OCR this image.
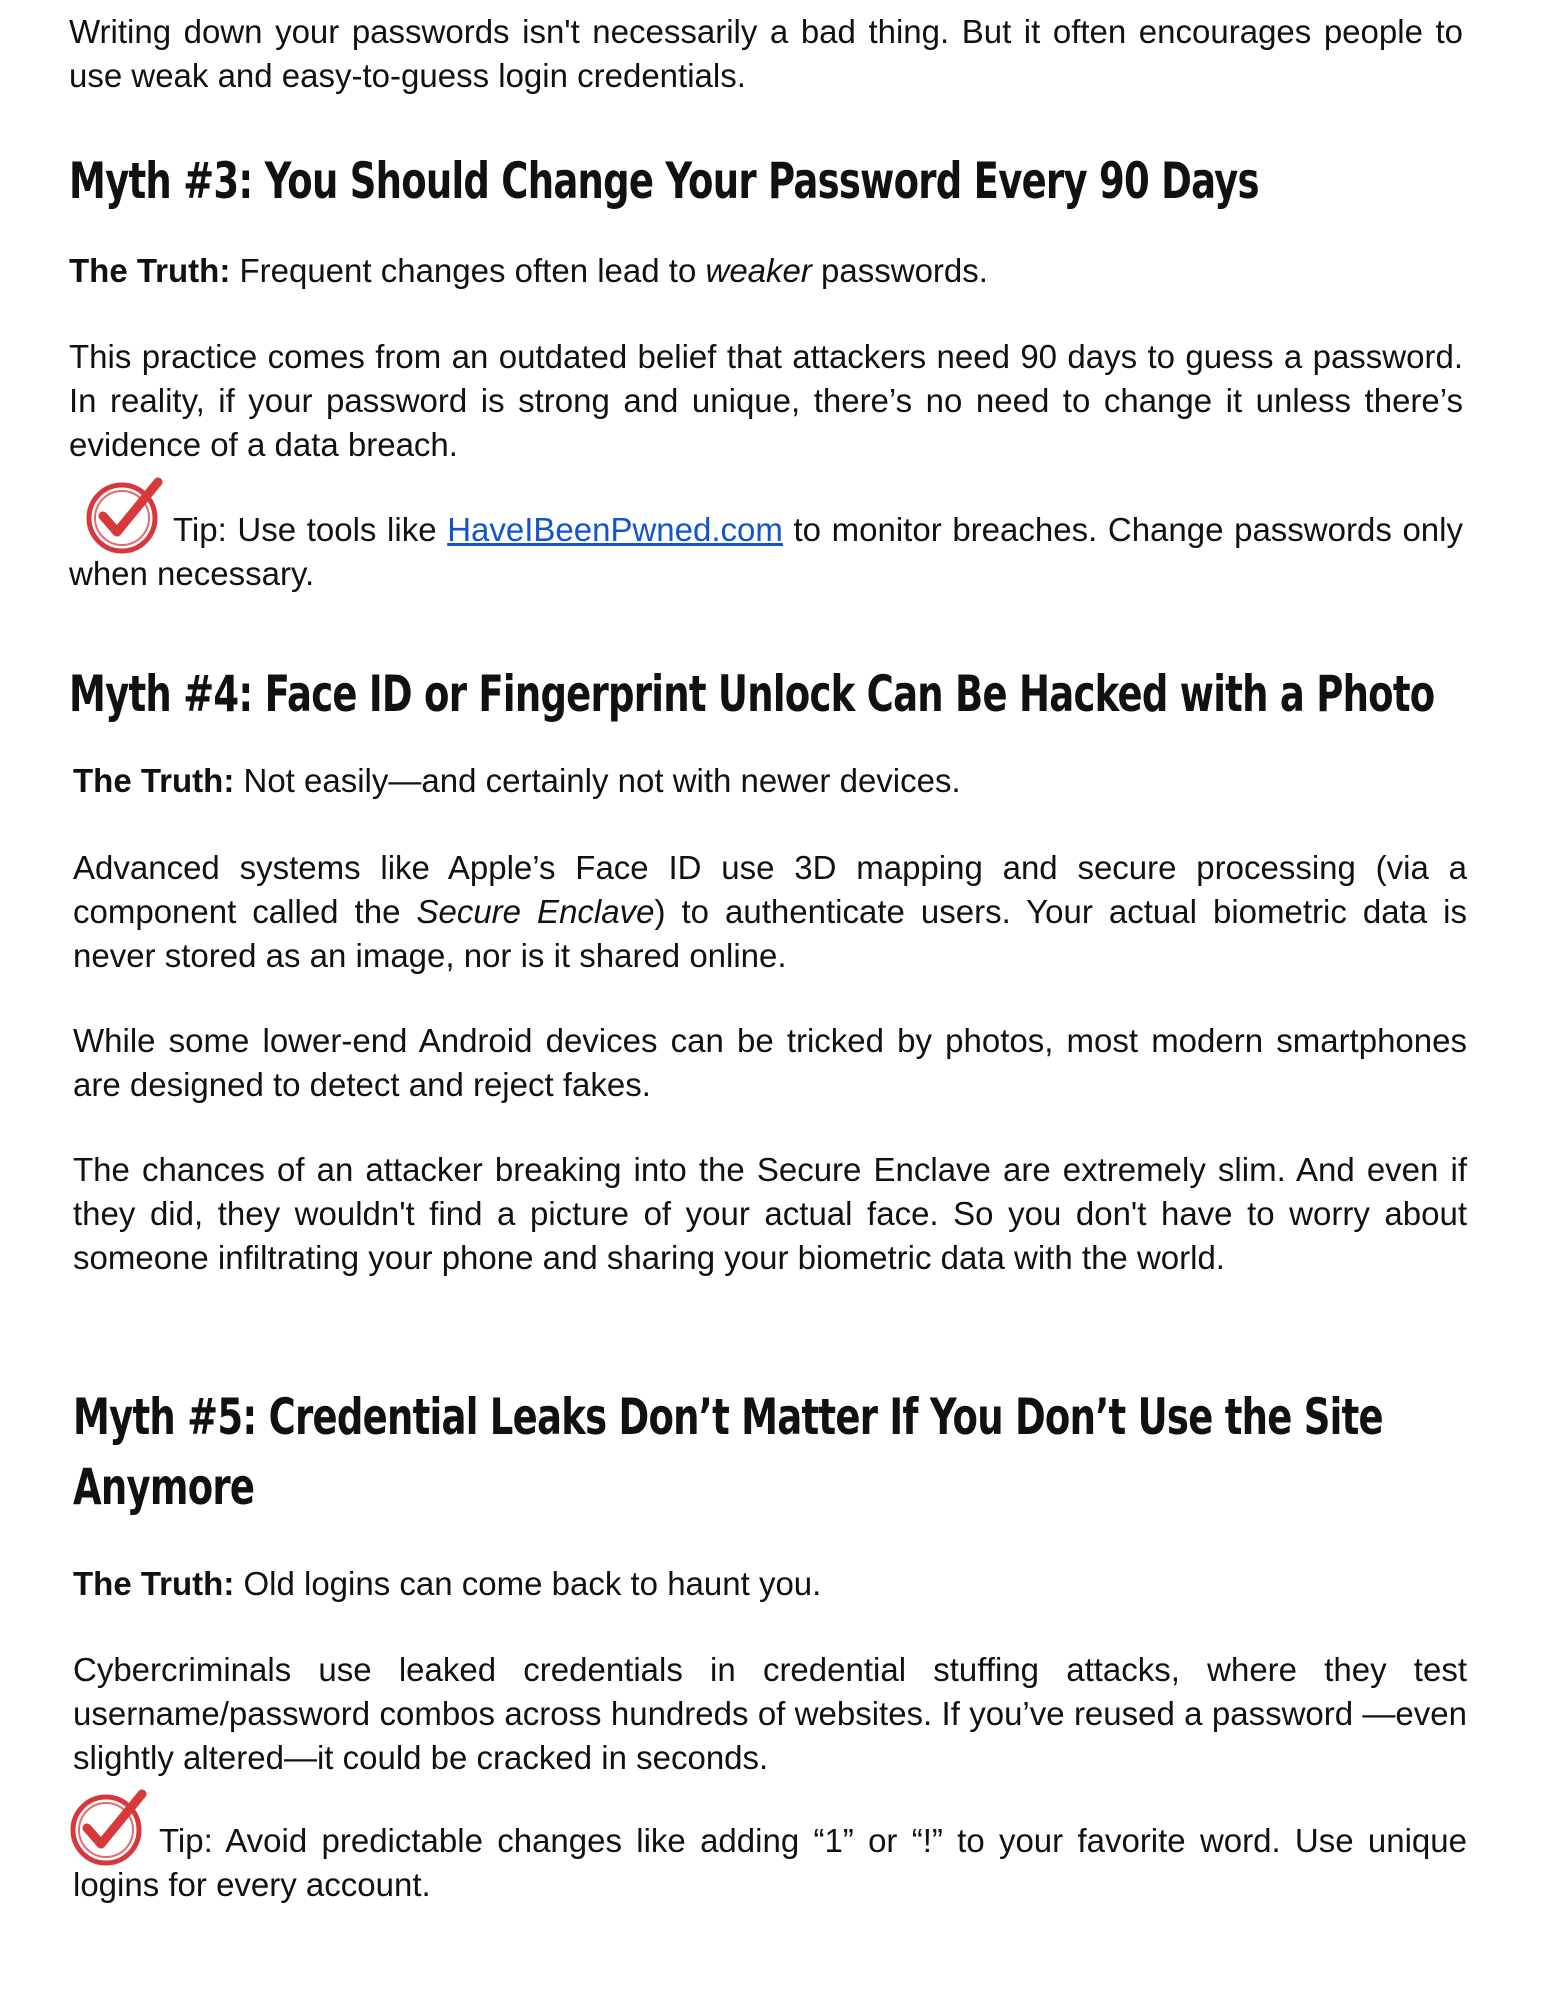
Writing down your passwords isn't necessarily a bad thing. But it often encourages people to use weak and easy-to-guess login credentials.

Myth #3: You Should Change Your Password Every 90 Days

The Truth: Frequent changes often lead to weaker passwords.

This practice comes from an outdated belief that attackers need 90 days to guess a password. In reality, if your password is strong and unique, there’s no need to change it unless there’s evidence of a data breach.

Tip: Use tools like HaveIBeenPwned.com to monitor breaches. Change passwords only when necessary.

Myth #4: Face ID or Fingerprint Unlock Can Be Hacked with a Photo

The Truth: Not easily—and certainly not with newer devices.

Advanced systems like Apple’s Face ID use 3D mapping and secure processing (via a component called the Secure Enclave) to authenticate users. Your actual biometric data is never stored as an image, nor is it shared online.

While some lower-end Android devices can be tricked by photos, most modern smartphones are designed to detect and reject fakes.

The chances of an attacker breaking into the Secure Enclave are extremely slim. And even if they did, they wouldn't find a picture of your actual face. So you don't have to worry about someone infiltrating your phone and sharing your biometric data with the world.

Myth #5: Credential Leaks Don’t Matter If You Don’t Use the Site
Anymore

The Truth: Old logins can come back to haunt you.

Cybercriminals use leaked credentials in credential stuffing attacks, where they test username/password combos across hundreds of websites. If you’ve reused a password —even slightly altered—it could be cracked in seconds.

Tip: Avoid predictable changes like adding “1” or “!” to your favorite word. Use unique logins for every account.
